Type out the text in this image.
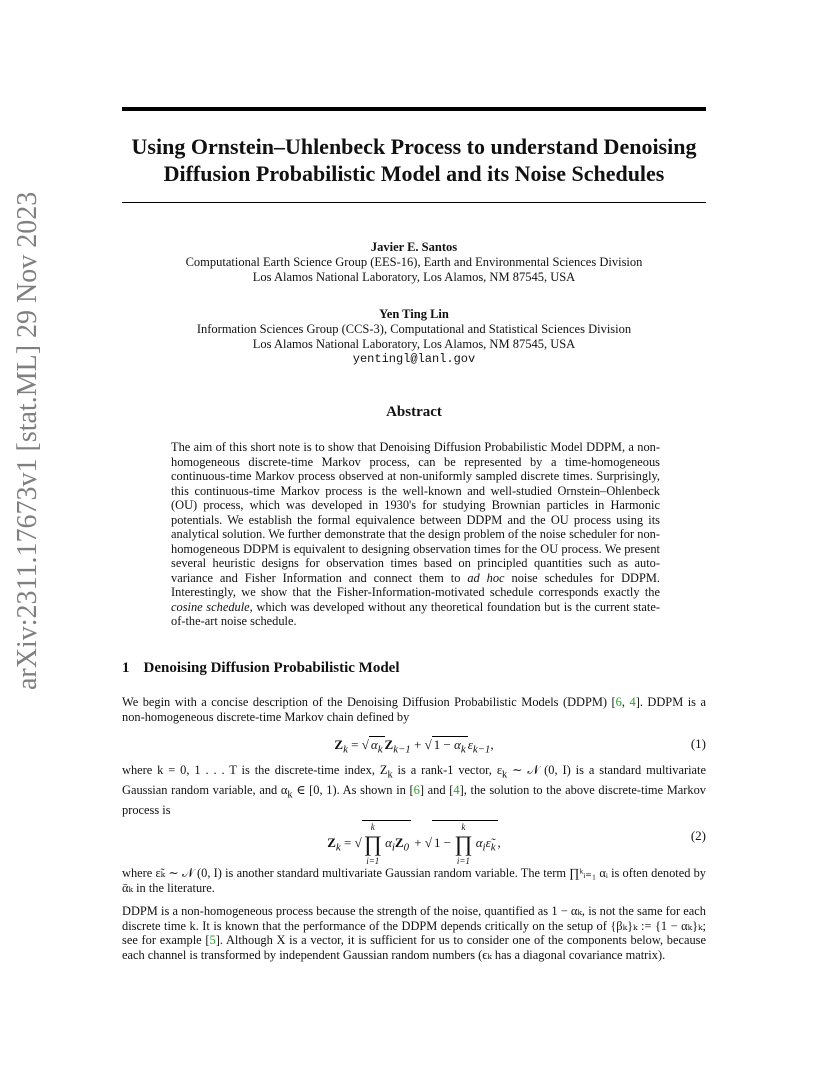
arXiv:2311.17673v1 [stat.ML] 29 Nov 2023
Using Ornstein–Uhlenbeck Process to understand Denoising
Diffusion Probabilistic Model and its Noise Schedules
Javier E. Santos
Computational Earth Science Group (EES-16), Earth and Environmental Sciences Division
Los Alamos National Laboratory, Los Alamos, NM 87545, USA
Yen Ting Lin
Information Sciences Group (CCS-3), Computational and Statistical Sciences Division
Los Alamos National Laboratory, Los Alamos, NM 87545, USA
yentingl@lanl.gov
Abstract
The aim of this short note is to show that Denoising Diffusion Probabilistic Model DDPM, a non-homogeneous discrete-time Markov process, can be represented by a time-homogeneous continuous-time Markov process observed at non-uniformly sampled discrete times. Surprisingly, this continuous-time Markov process is the well-known and well-studied Ornstein–Ohlenbeck (OU) process, which was developed in 1930's for studying Brownian particles in Harmonic potentials. We establish the formal equivalence between DDPM and the OU process using its analytical solution. We further demonstrate that the design problem of the noise scheduler for non-homogeneous DDPM is equivalent to designing observation times for the OU process. We present several heuristic designs for observation times based on principled quantities such as auto-variance and Fisher Information and connect them to ad hoc noise schedules for DDPM. Interestingly, we show that the Fisher-Information-motivated schedule corresponds exactly the cosine schedule, which was developed without any theoretical foundation but is the current state-of-the-art noise schedule.
1 Denoising Diffusion Probabilistic Model
We begin with a concise description of the Denoising Diffusion Probabilistic Models (DDPM) [6, 4]. DDPM is a non-homogeneous discrete-time Markov chain defined by
$Z_k$ = √ $\alpha_k$ $Z_{k-1}$ + √ $1 - \alpha_k$ $\varepsilon_{k-1}$,	(1)
where k = 0, 1 . . . T is the discrete-time index, $Z_k$ is a rank-1 vector, $\varepsilon_k$ ∼ 𝒩 (0, I) is a standard multivariate Gaussian random variable, and $\alpha_k$ ∈ [0, 1). As shown in [6] and [4], the solution to the above discrete-time Markov process is
$Z_k$ = √
k
∏
i=1
$\alpha_iZ_0$ + √ 1 −
k
∏
i=1
$\alpha_i\varepsiloñ_k$ ,	(2)
where ε̃ₖ ∼ 𝒩 (0, I) is another standard multivariate Gaussian random variable. The term ∏ᵏᵢ₌₁ αᵢ is often denoted by ᾱₖ in the literature.
DDPM is a non-homogeneous process because the strength of the noise, quantified as 1 − αₖ, is not the same for each discrete time k. It is known that the performance of the DDPM depends critically on the setup of {βₖ}ₖ := {1 − αₖ}ₖ; see for example [5]. Although X is a vector, it is sufficient for us to consider one of the components below, because each channel is transformed by independent Gaussian random numbers (ϵₖ has a diagonal covariance matrix).
